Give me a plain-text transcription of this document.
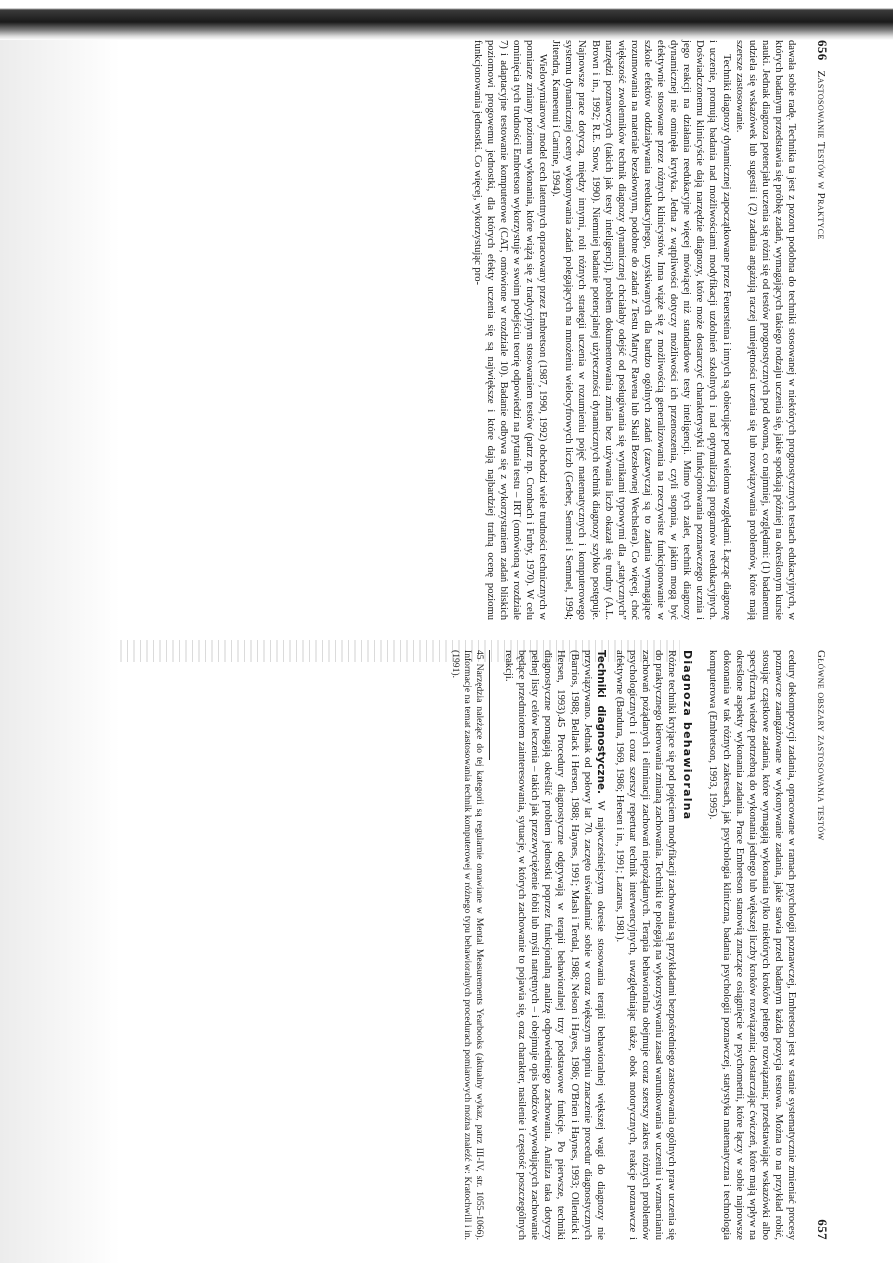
656   Zastosowanie Testów w Praktyce

dawała sobie radę. Technika ta jest z pozoru podobna do techniki stosowanej w niektórych prognostycznych testach edukacyjnych, w których badanym przedstawia się próbkę zadań, wymagających takiego rodzaju uczenia się, jakie spotkają później na określonym kursie nauki. Jednak diagnoza potencjału uczenia się różni się od testów prognostycznych pod dwoma, co najmniej, względami: (1) badanemu udziela się wskazówek lub sugestii i (2) zadania angażują raczej umiejętności uczenia się lub rozwiązywania problemów, które mają szersze zastosowanie.

Techniki diagnozy dynamicznej zapoczątkowane przez Feuersteina i innych są obiecujące pod wieloma względami. Łącząc diagnozę i uczenie, promują badania nad możliwościami modyfikacji uzdolnień szkolnych i nad optymalizacją programów reedukacyjnych. Doświadczonemu klinicyście dają narzędzie diagnozy, które może dostarczyć charakterystyki funkcjonowania poznawczego ucznia i jego reakcji na działania reedukacyjne więcej mówiącej niż standardowe testy inteligencji. Mimo tych zalet, technik diagnozy dynamicznej nie ominęła krytyka. Jedna z wątpliwości dotyczy możliwości ich przenoszenia, czyli stopnia, w jakim mogą być efektywnie stosowane przez różnych klinicystów. Inna wiąże się z możliwością generalizowania na rzeczywiste funkcjonowanie w szkole efektów oddziaływania reedukacyjnego, uzyskiwanych dla bardzo ogólnych zadań (zazwyczaj są to zadania wymagające rozumowania na materiale bezsłownym, podobne do zadań z Testu Matryc Ravena lub Skali Bezsłownej Wechslera). Co więcej, choć większość zwolenników technik diagnozy dynamicznej chciałaby odejść od posługiwania się wynikami typowymi dla „statycznych” narzędzi poznawczych (takich jak testy inteligencji), problem dokumentowania zmian bez używania liczb okazał się trudny (A.L. Brown i in., 1992; R.E. Snow, 1990). Niemniej badanie potencjalnej użyteczności dynamicznych technik diagnozy szybko postępuje. Najnowsze prace dotyczą, między innymi, roli różnych strategii uczenia w rozumieniu pojęć matematycznych i komputerowego systemu dynamicznej oceny wykonywania zadań polegających na mnożeniu wielocyfrowych liczb (Gerber, Semmel i Semmel, 1994; Jitendra, Kameenui i Carnine, 1994).

Wielowymiarowy model cech latentnych opracowany przez Embretson (1987, 1990, 1992) obchodzi wiele trudności technicznych w pomiarze zmiany poziomu wykonania, które wiążą się z tradycyjnym stosowaniem testów (patrz np. Cronbach i Furby, 1970). W celu ominięcia tych trudności Embretson wykorzystuje w swoim podejściu teorię odpowiedzi na pytania testu – IRT (omówioną w rozdziale 7) i adaptacyjne testowanie komputerowe (CAT, omówione w rozdziale 10). Badanie odbywa się z wykorzystaniem zadań bliskich poziomowi progowemu jednostki, dla których efekty uczenia się są największe i które dają najbardziej trafną ocenę poziomu funkcjonowania jednostki. Co więcej, wykorzystując pro-

Główne obszary zastosowania testów
657

cedury dekompozycji zadania, opracowane w ramach psychologii poznawczej, Embretson jest w stanie systematycznie zmieniać procesy poznawcze zaangażowane w wykonywanie zadania, jakie stawia przed badanym każda pozycja testowa. Można to na przykład robić, stosując cząstkowe zadania, które wymagają wykonania tylko niektórych kroków pełnego rozwiązania; przedstawiając wskazówki albo specyficzną wiedzę potrzebną do wykonania jednego lub większej liczby kroków rozwiązania; dostarczając ćwiczeń, które mają wpływ na określone aspekty wykonania zadania. Prace Embretson stanowią znaczące osiągnięcie w psychometrii, które łączy w sobie najnowsze dokonania w tak różnych zakresach, jak psychologia kliniczna, badania psychologii poznawczej, statystyka matematyczna i technologia komputerowa (Embretson, 1993, 1995).

Diagnoza behawioralna

Różne techniki kryjące się pod pojęciem modyfikacji zachowania są przykładami bezpośredniego zastosowania ogólnych praw uczenia się do praktycznego kierowania zmianą zachowania. Techniki te polegają na wykorzystywaniu zasad warunkowania w uczeniu i wzmacnianiu zachowań pożądanych i eliminacji zachowań niepożądanych. Terapia behawioralna obejmuje coraz szerszy zakres różnych problemów psychologicznych i coraz szerszy repertuar technik interwencyjnych, uwzględniając także, obok motorycznych, reakcje poznawcze i afektywne (Bandura, 1969, 1986; Hersen i in., 1991; Lazarus, 1981).

Techniki diagnostyczne. W najwcześniejszym okresie stosowania terapii behawioralnej większej wagi do diagnozy nie przywiązywano. Jednak od połowy lat 70. zaczęto uświadamiać sobie w coraz większym stopniu znaczenie procedur diagnostycznych (Barrios, 1988; Bellack i Hersen, 1988; Haynes, 1991; Mash i Terdal, 1988; Nelson i Hayes, 1986; O'Brien i Haynes, 1993; Ollendick i Hersen, 1993).45 Procedury diagnostyczne odgrywają w terapii behawioralnej trzy podstawowe funkcje. Po pierwsze, techniki diagnostyczne pomagają określić problem jednostki poprzez funkcjonalną analizę odpowiedniego zachowania. Analiza taka dotyczy pełnej listy celów leczenia – takich jak przezwyciężenie fobii lub myśli natrętnych – i obejmuje opis bodźców wywołujących zachowanie będące przedmiotem zainteresowania, sytuacje, w których zachowanie to pojawia się, oraz charakter, nasilenie i częstość poszczególnych reakcji.

45 Narzędzia należące do tej kategorii są regularnie omawiane w Mental Measurements Yearbooks (aktualny wykaz, patrz III-IV, str. 1055–1066). Informacje na temat zastosowania technik komputerowej w różnego typu behawioralnych procedurach pomiarowych można znaleźć w: Kratochwill i in. (1991).
